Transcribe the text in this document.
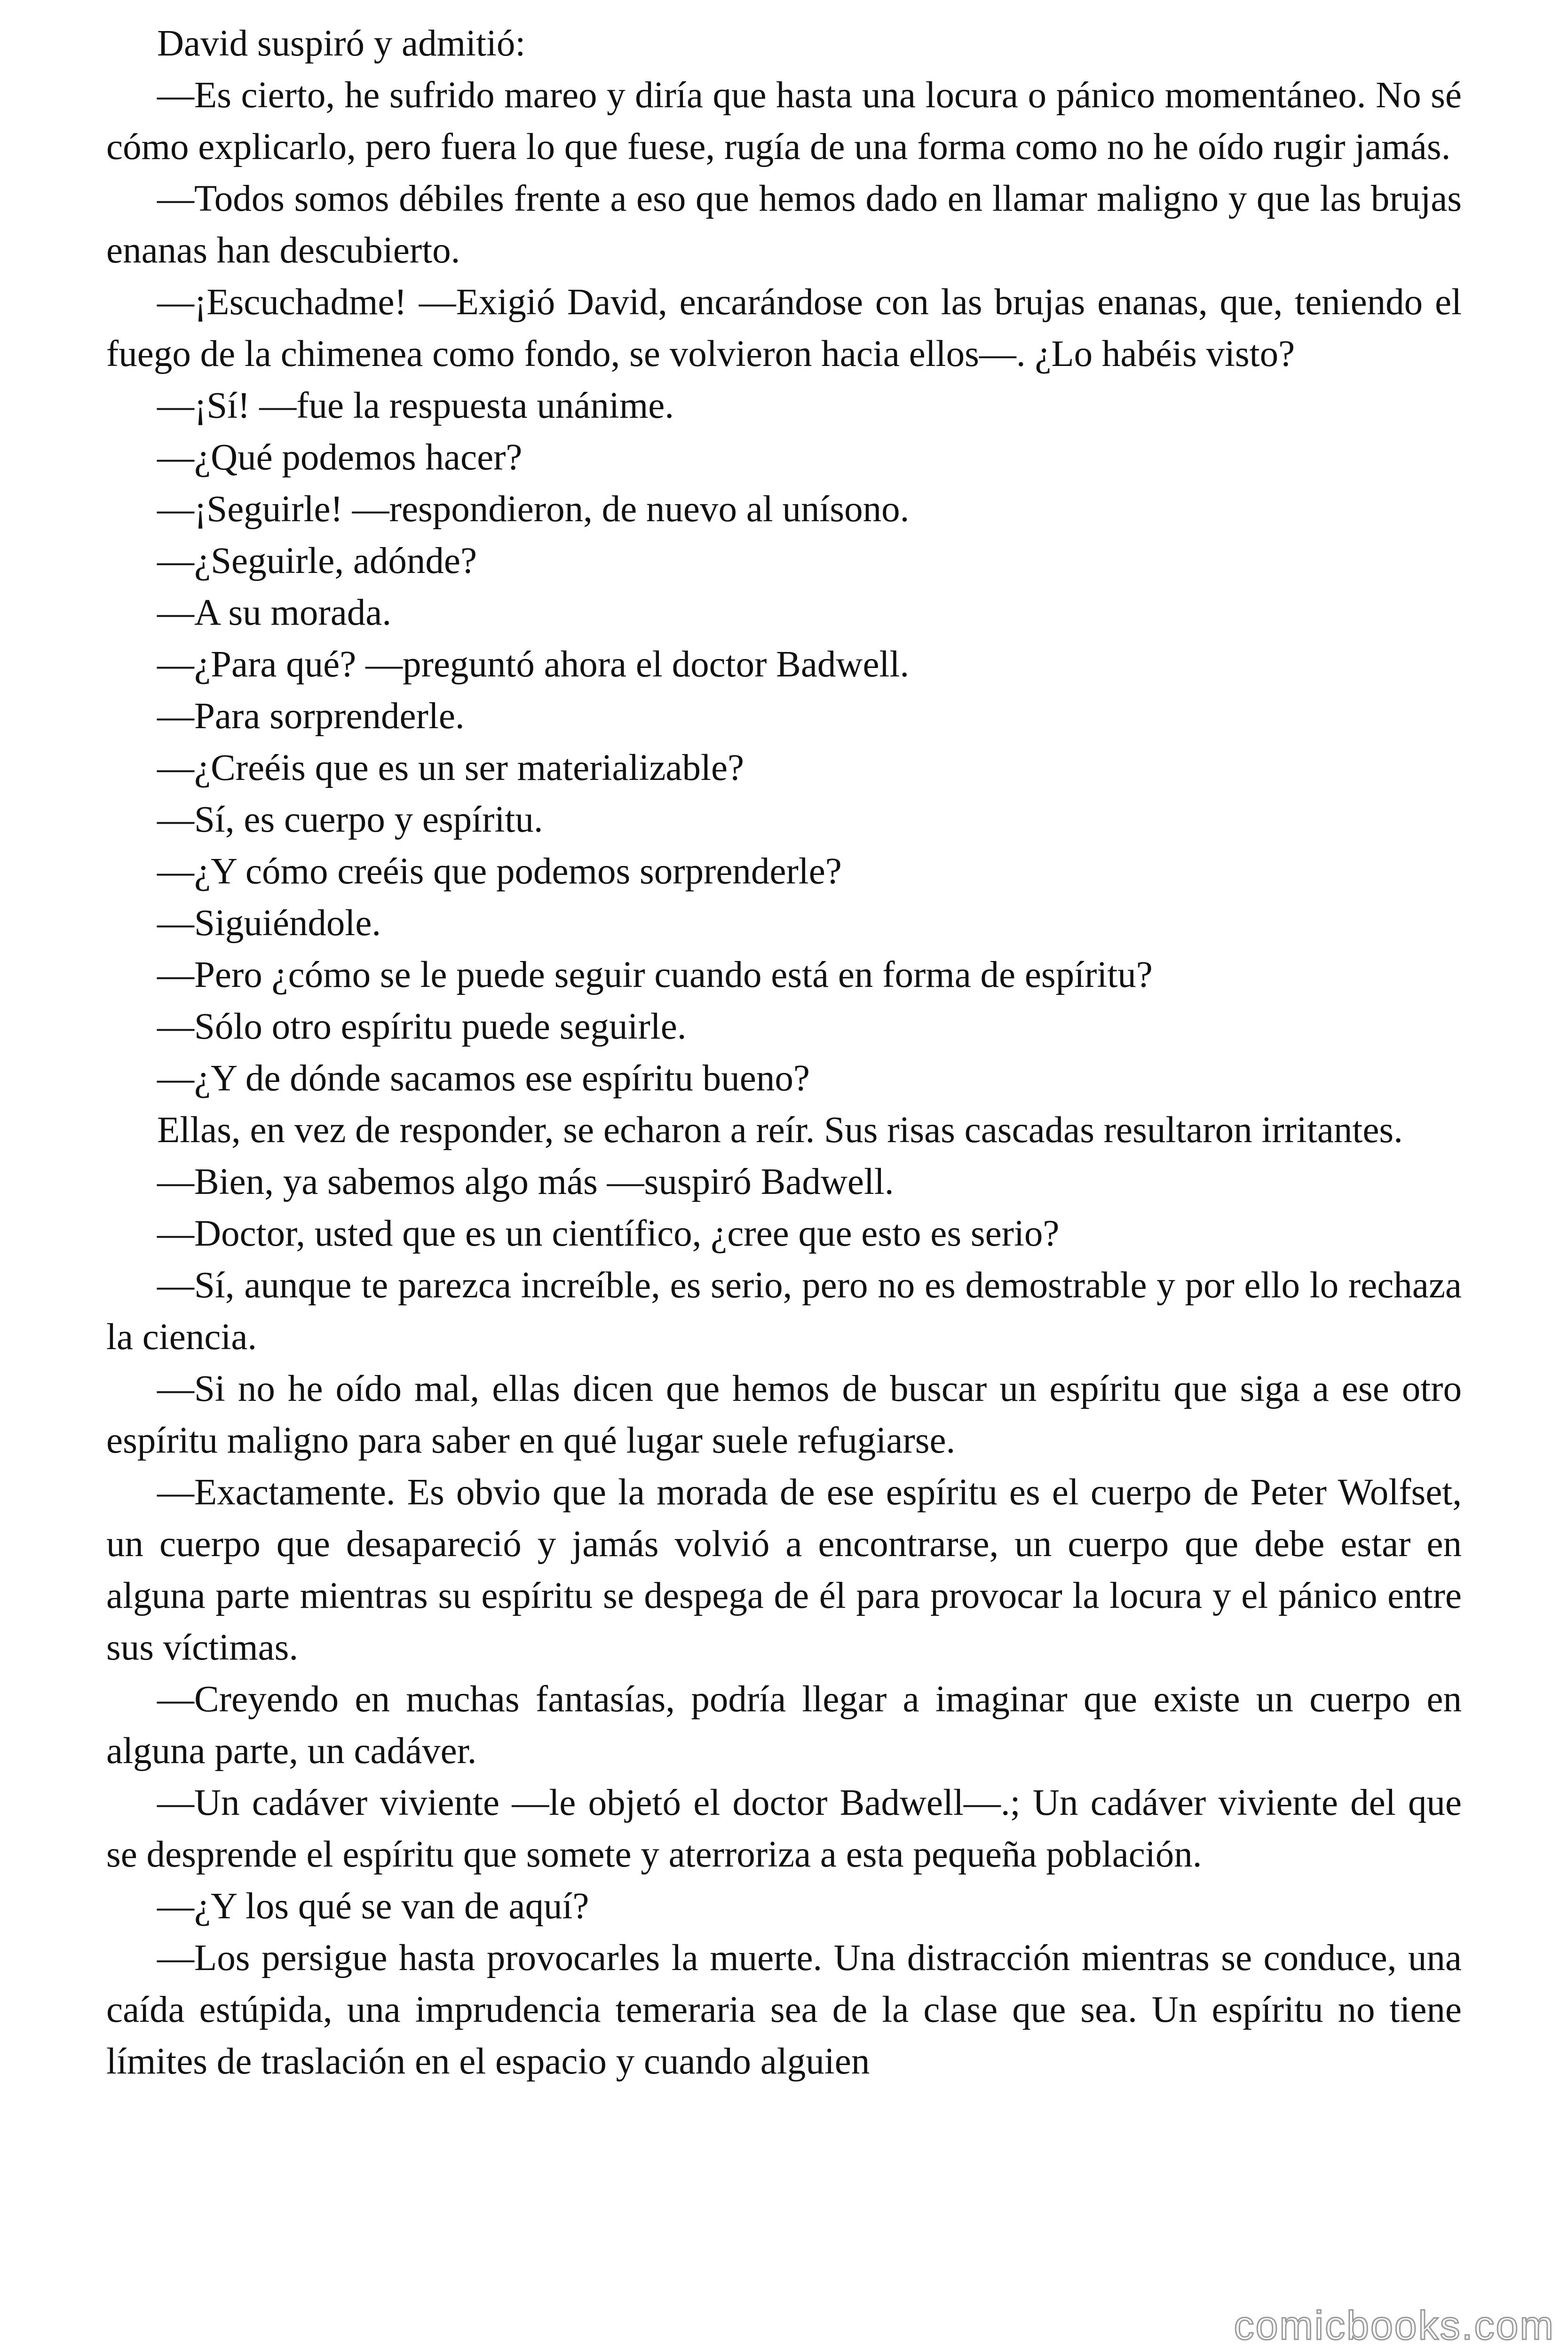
David suspiró y admitió:

—Es cierto, he sufrido mareo y diría que hasta una locura o pánico momentáneo. No sé cómo explicarlo, pero fuera lo que fuese, rugía de una forma como no he oído rugir jamás.

—Todos somos débiles frente a eso que hemos dado en llamar maligno y que las brujas enanas han descubierto.

—¡Escuchadme! —Exigió David, encarándose con las brujas enanas, que, teniendo el fuego de la chimenea como fondo, se volvieron hacia ellos—. ¿Lo habéis visto?

—¡Sí! —fue la respuesta unánime.

—¿Qué podemos hacer?

—¡Seguirle! —respondieron, de nuevo al unísono.

—¿Seguirle, adónde?

—A su morada.

—¿Para qué? —preguntó ahora el doctor Badwell.

—Para sorprenderle.

—¿Creéis que es un ser materializable?

—Sí, es cuerpo y espíritu.

—¿Y cómo creéis que podemos sorprenderle?

—Siguiéndole.

—Pero ¿cómo se le puede seguir cuando está en forma de espíritu?

—Sólo otro espíritu puede seguirle.

—¿Y de dónde sacamos ese espíritu bueno?

Ellas, en vez de responder, se echaron a reír. Sus risas cascadas resultaron irritantes.

—Bien, ya sabemos algo más —suspiró Badwell.

—Doctor, usted que es un científico, ¿cree que esto es serio?

—Sí, aunque te parezca increíble, es serio, pero no es demostrable y por ello lo rechaza la ciencia.

—Si no he oído mal, ellas dicen que hemos de buscar un espíritu que siga a ese otro espíritu maligno para saber en qué lugar suele refugiarse.

—Exactamente. Es obvio que la morada de ese espíritu es el cuerpo de Peter Wolfset, un cuerpo que desapareció y jamás volvió a encontrarse, un cuerpo que debe estar en alguna parte mientras su espíritu se despega de él para provocar la locura y el pánico entre sus víctimas.

—Creyendo en muchas fantasías, podría llegar a imaginar que existe un cuerpo en alguna parte, un cadáver.

—Un cadáver viviente —le objetó el doctor Badwell—.; Un cadáver viviente del que se desprende el espíritu que somete y aterroriza a esta pequeña población.

—¿Y los qué se van de aquí?

—Los persigue hasta provocarles la muerte. Una distracción mientras se conduce, una caída estúpida, una imprudencia temeraria sea de la clase que sea. Un espíritu no tiene límites de traslación en el espacio y cuando alguien

comicbooks.com
